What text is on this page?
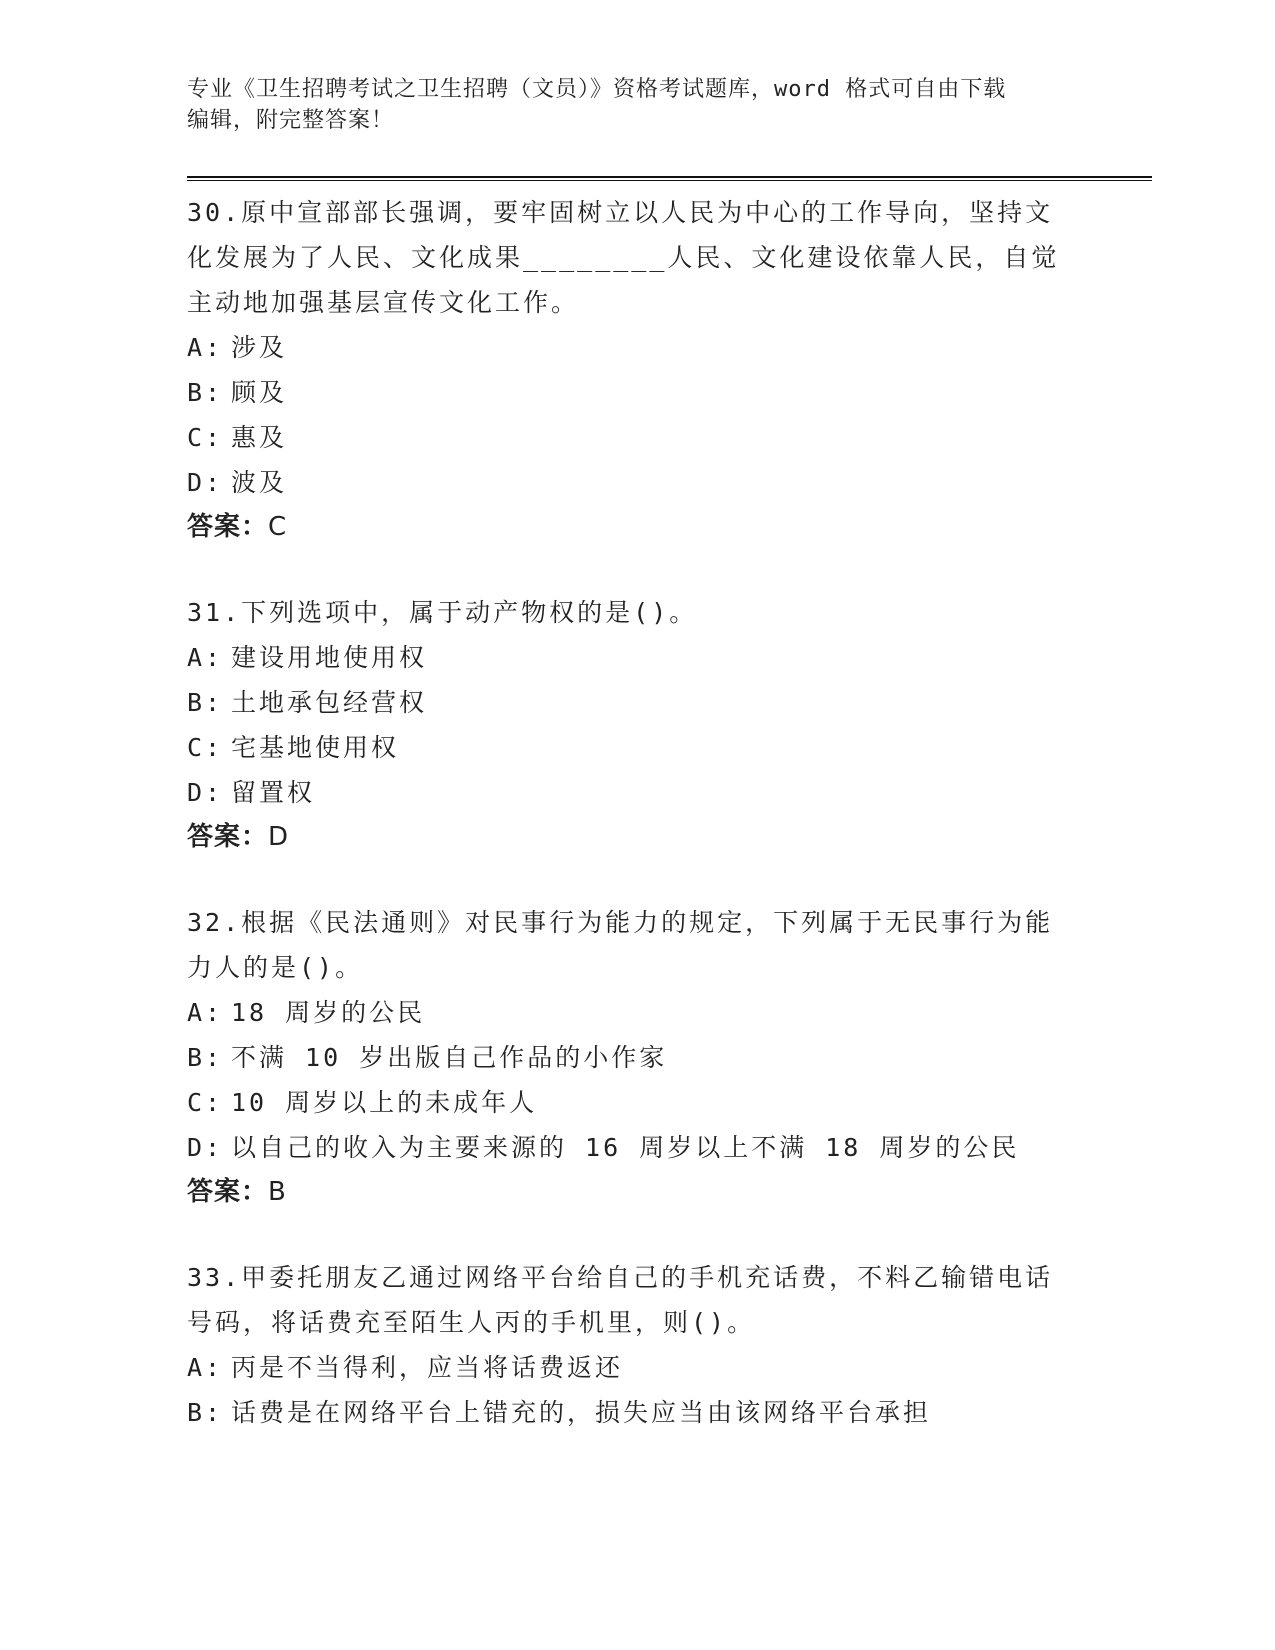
专业《卫生招聘考试之卫生招聘（文员）》资格考试题库，word 格式可自由下载
编辑，附完整答案！

30.原中宣部部长强调，要牢固树立以人民为中心的工作导向，坚持文

化发展为了人民、文化成果________人民、文化建设依靠人民，自觉

主动地加强基层宣传文化工作。

A: 涉及

B: 顾及

C: 惠及

D: 波及

答案：C

31.下列选项中，属于动产物权的是()。

A: 建设用地使用权

B: 土地承包经营权

C: 宅基地使用权

D: 留置权

答案：D

32.根据《民法通则》对民事行为能力的规定，下列属于无民事行为能

力人的是()。

A: 18 周岁的公民

B: 不满 10 岁出版自己作品的小作家

C: 10 周岁以上的未成年人

D: 以自己的收入为主要来源的 16 周岁以上不满 18 周岁的公民

答案：B

33.甲委托朋友乙通过网络平台给自己的手机充话费，不料乙输错电话

号码，将话费充至陌生人丙的手机里，则()。

A: 丙是不当得利，应当将话费返还

B: 话费是在网络平台上错充的，损失应当由该网络平台承担
